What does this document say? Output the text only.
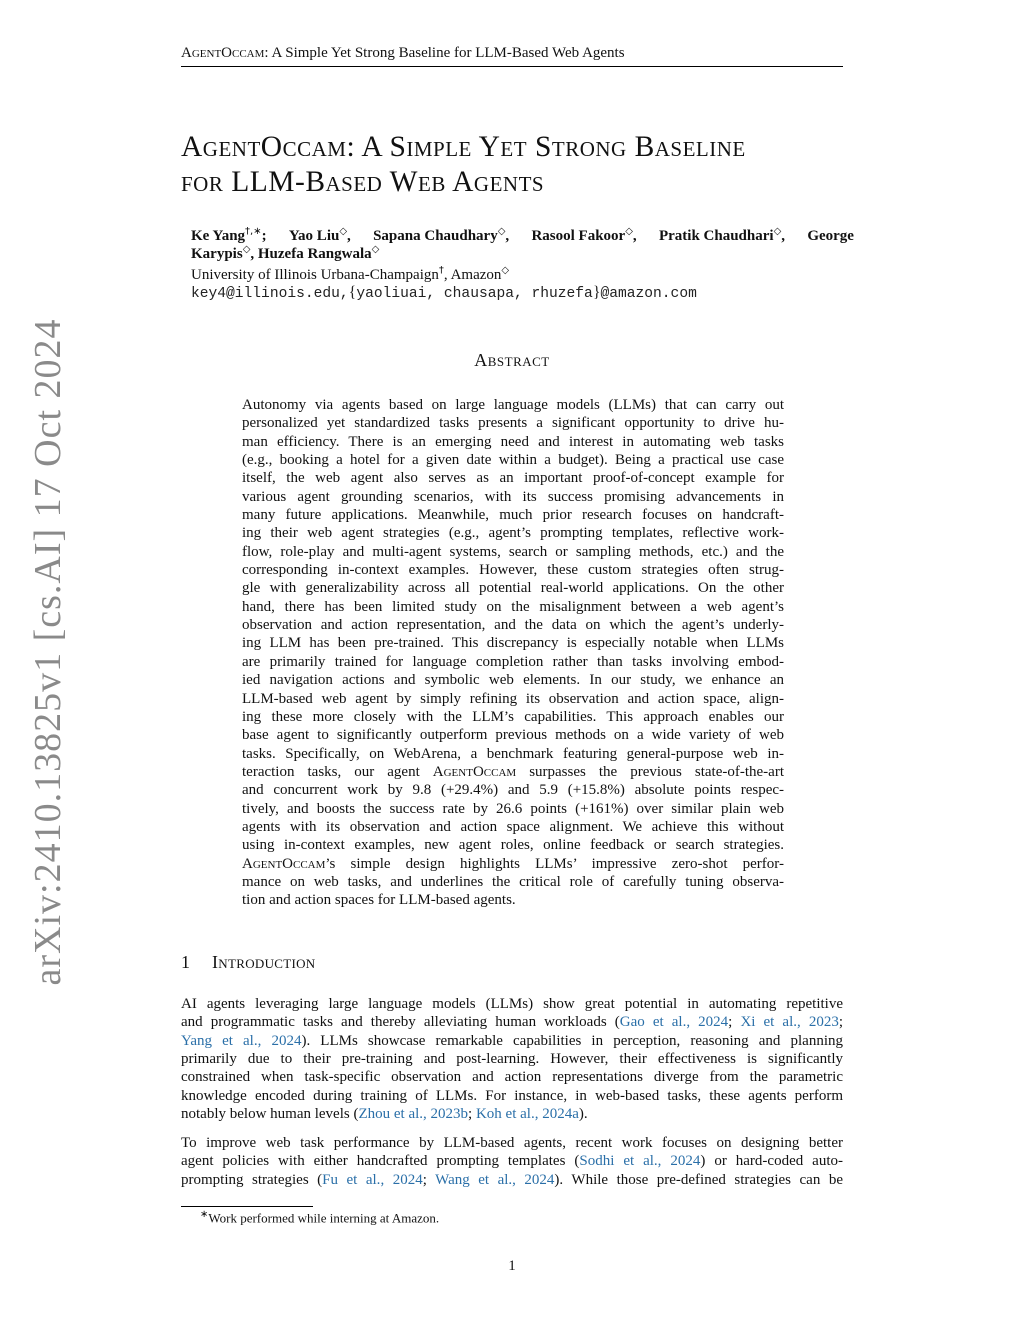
AgentOccam: A Simple Yet Strong Baseline for LLM-Based Web Agents
arXiv:2410.13825v1 [cs.AI] 17 Oct 2024
AgentOccam: A Simple Yet Strong Baseline
for LLM-Based Web Agents
Ke Yang†,∗; Yao Liu◇, Sapana Chaudhary◇, Rasool Fakoor◇, Pratik Chaudhari◇, George
Karypis◇, Huzefa Rangwala◇
University of Illinois Urbana-Champaign†, Amazon◇
key4@illinois.edu,{yaoliuai, chausapa, rhuzefa}@amazon.com
Abstract
Autonomy via agents based on large language models (LLMs) that can carry out
personalized yet standardized tasks presents a significant opportunity to drive hu-
man efficiency. There is an emerging need and interest in automating web tasks
(e.g., booking a hotel for a given date within a budget). Being a practical use case
itself, the web agent also serves as an important proof-of-concept example for
various agent grounding scenarios, with its success promising advancements in
many future applications. Meanwhile, much prior research focuses on handcraft-
ing their web agent strategies (e.g., agent’s prompting templates, reflective work-
flow, role-play and multi-agent systems, search or sampling methods, etc.) and the
corresponding in-context examples. However, these custom strategies often strug-
gle with generalizability across all potential real-world applications. On the other
hand, there has been limited study on the misalignment between a web agent’s
observation and action representation, and the data on which the agent’s underly-
ing LLM has been pre-trained. This discrepancy is especially notable when LLMs
are primarily trained for language completion rather than tasks involving embod-
ied navigation actions and symbolic web elements. In our study, we enhance an
LLM-based web agent by simply refining its observation and action space, align-
ing these more closely with the LLM’s capabilities. This approach enables our
base agent to significantly outperform previous methods on a wide variety of web
tasks. Specifically, on WebArena, a benchmark featuring general-purpose web in-
teraction tasks, our agent AgentOccam surpasses the previous state-of-the-art
and concurrent work by 9.8 (+29.4%) and 5.9 (+15.8%) absolute points respec-
tively, and boosts the success rate by 26.6 points (+161%) over similar plain web
agents with its observation and action space alignment. We achieve this without
using in-context examples, new agent roles, online feedback or search strategies.
AgentOccam’s simple design highlights LLMs’ impressive zero-shot perfor-
mance on web tasks, and underlines the critical role of carefully tuning observa-
tion and action spaces for LLM-based agents.
1 Introduction
AI agents leveraging large language models (LLMs) show great potential in automating repetitive
and programmatic tasks and thereby alleviating human workloads (Gao et al., 2024; Xi et al., 2023;
Yang et al., 2024). LLMs showcase remarkable capabilities in perception, reasoning and planning
primarily due to their pre-training and post-learning. However, their effectiveness is significantly
constrained when task-specific observation and action representations diverge from the parametric
knowledge encoded during training of LLMs. For instance, in web-based tasks, these agents perform
notably below human levels (Zhou et al., 2023b; Koh et al., 2024a).
To improve web task performance by LLM-based agents, recent work focuses on designing better
agent policies with either handcrafted prompting templates (Sodhi et al., 2024) or hard-coded auto-
prompting strategies (Fu et al., 2024; Wang et al., 2024). While those pre-defined strategies can be
∗Work performed while interning at Amazon.
1
